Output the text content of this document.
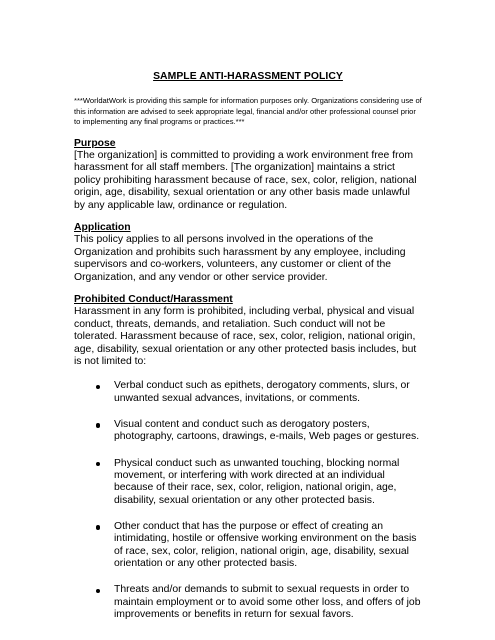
SAMPLE ANTI-HARASSMENT POLICY

***WorldatWork is providing this sample for information purposes only. Organizations considering use of this information are advised to seek appropriate legal, financial and/or other professional counsel prior to implementing any final programs or practices.***

Purpose

[The organization] is committed to providing a work environment free from harassment for all staff members. [The organization] maintains a strict policy prohibiting harassment because of race, sex, color, religion, national origin, age, disability, sexual orientation or any other basis made unlawful by any applicable law, ordinance or regulation.

Application

This policy applies to all persons involved in the operations of the Organization and prohibits such harassment by any employee, including supervisors and co-workers, volunteers, any customer or client of the Organization, and any vendor or other service provider.

Prohibited Conduct/Harassment

Harassment in any form is prohibited, including verbal, physical and visual conduct, threats, demands, and retaliation. Such conduct will not be tolerated. Harassment because of race, sex, color, religion, national origin, age, disability, sexual orientation or any other protected basis includes, but is not limited to:

Verbal conduct such as epithets, derogatory comments, slurs, or unwanted sexual advances, invitations, or comments.
Visual content and conduct such as derogatory posters, photography, cartoons, drawings, e-mails, Web pages or gestures.
Physical conduct such as unwanted touching, blocking normal movement, or interfering with work directed at an individual because of their race, sex, color, religion, national origin, age, disability, sexual orientation or any other protected basis.
Other conduct that has the purpose or effect of creating an intimidating, hostile or offensive working environment on the basis of race, sex, color, religion, national origin, age, disability, sexual orientation or any other protected basis.
Threats and/or demands to submit to sexual requests in order to maintain employment or to avoid some other loss, and offers of job improvements or benefits in return for sexual favors.
